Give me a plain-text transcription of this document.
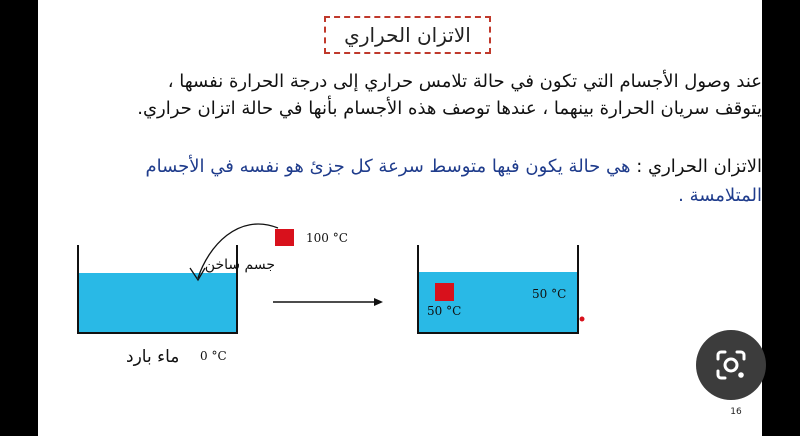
الاتزان الحراري
عند وصول الأجسام التي تكون في حالة تلامس حراري إلى درجة الحرارة نفسها ،
يتوقف سريان الحرارة بينهما ، عندها توصف هذه الأجسام بأنها في حالة اتزان حراري.
الاتزان الحراري : هي حالة يكون فيها متوسط سرعة كل جزئ هو نفسه في الأجسام
المتلامسة .
100 °C
جسم ساخن
0 °C
ماء بارد
50 °C
50 °C
16
